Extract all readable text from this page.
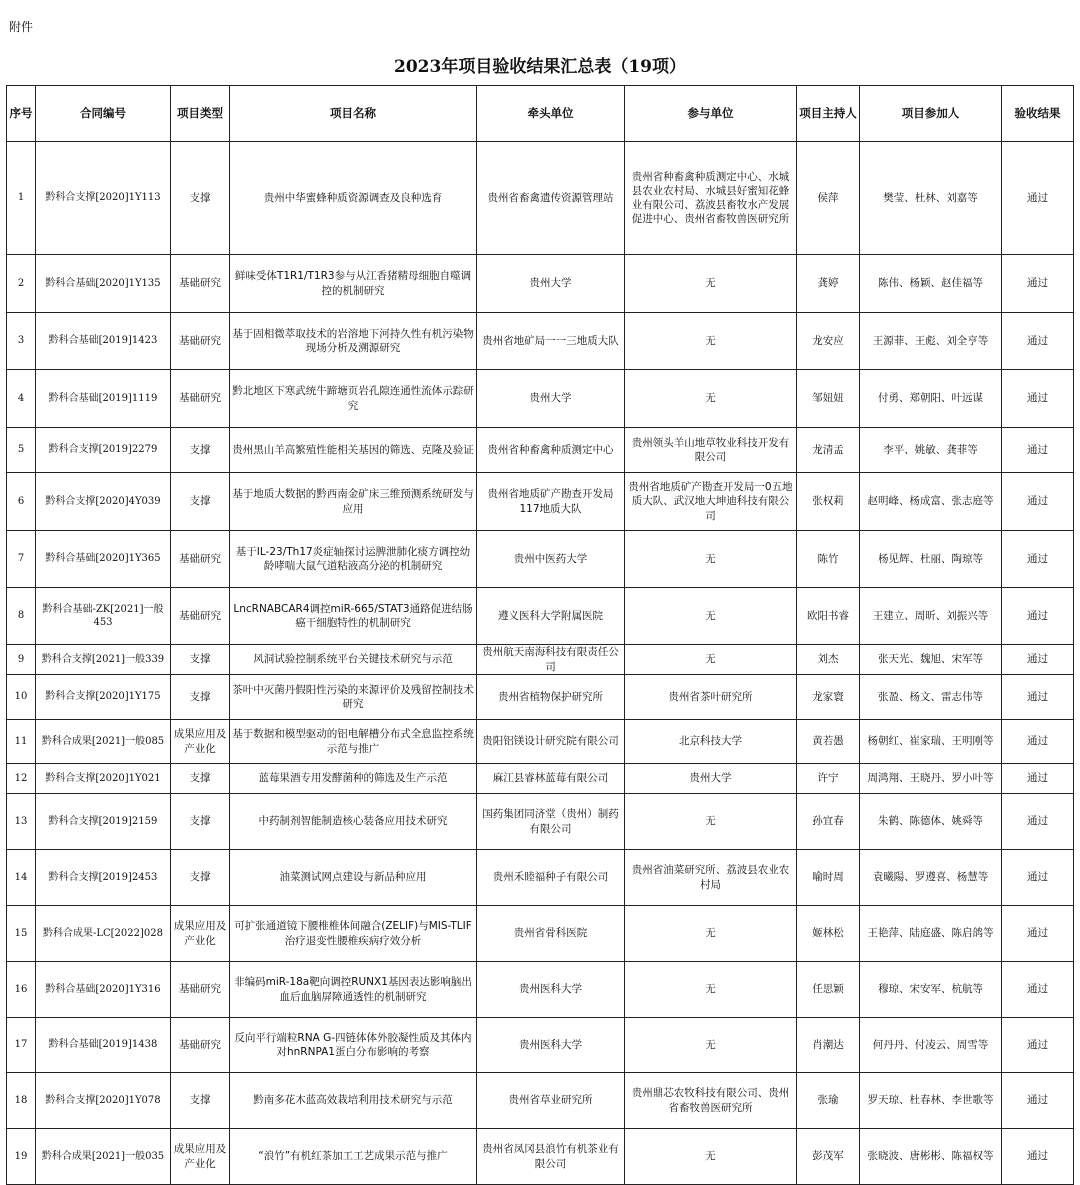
附件
2023年项目验收结果汇总表（19项）
序号	合同编号	项目类型	项目名称	牵头单位	参与单位	项目主持人	项目参加人	验收结果
1	黔科合支撑[2020]1Y113	支撑	贵州中华蜜蜂种质资源调查及良种选育	贵州省畜禽遗传资源管理站	贵州省种畜禽种质测定中心、水城县农业农村局、水城县好蜜知花蜂业有限公司、荔波县畜牧水产发展促进中心、贵州省畜牧兽医研究所	侯萍	樊莹、杜林、刘嘉等	通过
2	黔科合基础[2020]1Y135	基础研究	鲜味受体T1R1/T1R3参与从江香猪精母细胞自噬调控的机制研究	贵州大学	无	龚婷	陈伟、杨颖、赵佳福等	通过
3	黔科合基础[2019]1423	基础研究	基于固相微萃取技术的岩溶地下河持久性有机污染物现场分析及溯源研究	贵州省地矿局一一三地质大队	无	龙安应	王源菲、王彪、刘全亨等	通过
4	黔科合基础[2019]1119	基础研究	黔北地区下寒武统牛蹄塘页岩孔隙连通性流体示踪研究	贵州大学	无	邹妞妞	付勇、郑朝阳、叶远谋	通过
5	黔科合支撑[2019]2279	支撑	贵州黑山羊高繁殖性能相关基因的筛选、克隆及验证	贵州省种畜禽种质测定中心	贵州领头羊山地草牧业科技开发有限公司	龙清孟	李平、姚敏、龚菲等	通过
6	黔科合支撑[2020]4Y039	支撑	基于地质大数据的黔西南金矿床三维预测系统研发与应用	贵州省地质矿产勘查开发局117地质大队	贵州省地质矿产勘查开发局一0五地质大队、武汉地大坤迪科技有限公司	张权莉	赵明峰、杨成富、张志庭等	通过
7	黔科合基础[2020]1Y365	基础研究	基于IL-23/Th17炎症轴探讨运脾泄肺化痰方调控幼龄哮喘大鼠气道粘液高分泌的机制研究	贵州中医药大学	无	陈竹	杨见辉、杜丽、陶琼等	通过
8	黔科合基础-ZK[2021]一般453	基础研究	LncRNABCAR4调控miR-665/STAT3通路促进结肠癌干细胞特性的机制研究	遵义医科大学附属医院	无	欧阳书睿	王建立、周昕、刘振兴等	通过
9	黔科合支撑[2021]一般339	支撑	风洞试验控制系统平台关键技术研究与示范	贵州航天南海科技有限责任公司	无	刘杰	张天光、魏旭、宋军等	通过
10	黔科合支撑[2020]1Y175	支撑	茶叶中灭菌丹假阳性污染的来源评价及残留控制技术研究	贵州省植物保护研究所	贵州省茶叶研究所	龙家寰	张盈、杨文、雷志伟等	通过
11	黔科合成果[2021]一般085	成果应用及产业化	基于数据和模型驱动的铝电解槽分布式全息监控系统示范与推广	贵阳铝镁设计研究院有限公司	北京科技大学	黄若愚	杨朝红、崔家瑞、王明刚等	通过
12	黔科合支撑[2020]1Y021	支撑	蓝莓果酒专用发酵菌种的筛选及生产示范	麻江县睿林蓝莓有限公司	贵州大学	许宁	周鸿翔、王晓丹、罗小叶等	通过
13	黔科合支撑[2019]2159	支撑	中药制剂智能制造核心装备应用技术研究	国药集团同济堂（贵州）制药有限公司	无	孙宜春	朱鹤、陈德体、姚舜等	通过
14	黔科合支撑[2019]2453	支撑	油菜测试网点建设与新品种应用	贵州禾睦福种子有限公司	贵州省油菜研究所、荔波县农业农村局	喻时周	袁曦陽、罗遵喜、杨慧等	通过
15	黔科合成果-LC[2022]028	成果应用及产业化	可扩张通道镜下腰椎椎体间融合(ZELIF)与MIS-TLIF治疗退变性腰椎疾病疗效分析	贵州省骨科医院	无	姬林松	王艳萍、陆庭盛、陈启鸽等	通过
16	黔科合基础[2020]1Y316	基础研究	非编码miR-18a靶向调控RUNX1基因表达影响脑出血后血脑屏障通透性的机制研究	贵州医科大学	无	任思颖	穆琼、宋安军、杭航等	通过
17	黔科合基础[2019]1438	基础研究	反向平行端粒RNA G-四链体体外胶凝性质及其体内对hnRNPA1蛋白分布影响的考察	贵州医科大学	无	肖潮达	何丹丹、付凌云、周雪等	通过
18	黔科合支撑[2020]1Y078	支撑	黔南多花木蓝高效栽培利用技术研究与示范	贵州省草业研究所	贵州鼎芯农牧科技有限公司、贵州省畜牧兽医研究所	张瑜	罗天琼、杜春林、李世歌等	通过
19	黔科合成果[2021]一般035	成果应用及产业化	“浪竹”有机红茶加工工艺成果示范与推广	贵州省凤冈县浪竹有机茶业有限公司	无	彭茂军	张晓波、唐彬彬、陈福权等	通过
